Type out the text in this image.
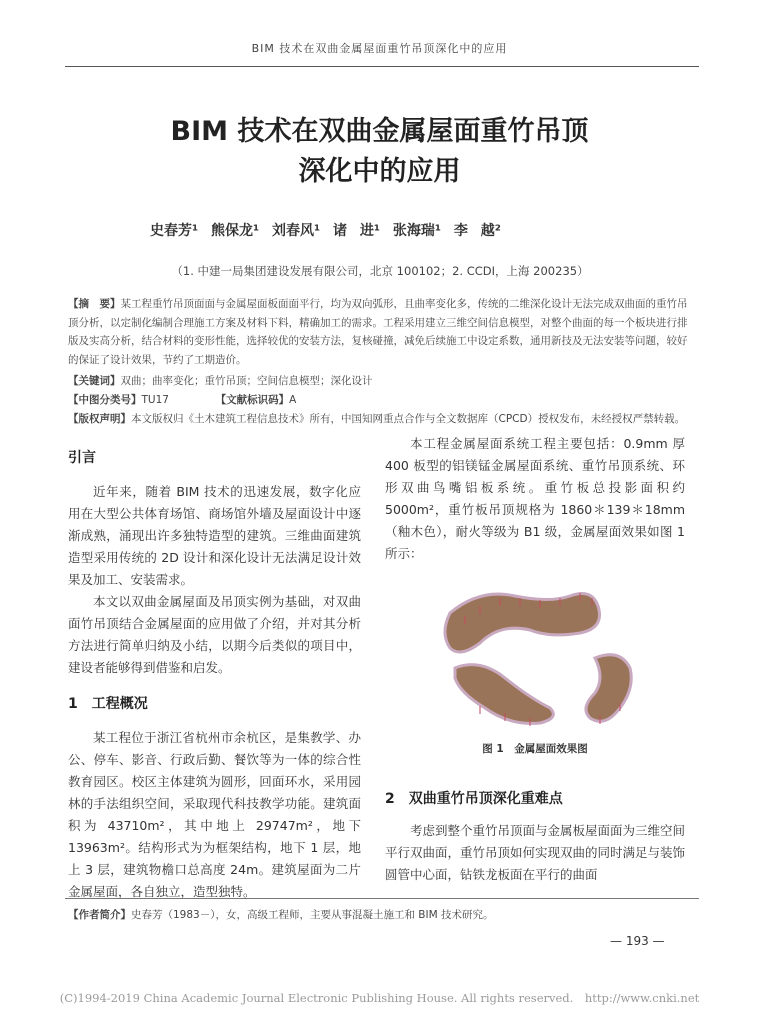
BIM 技术在双曲金属屋面重竹吊顶深化中的应用
BIM 技术在双曲金属屋面重竹吊顶
深化中的应用
史春芳¹ 熊保龙¹ 刘春风¹ 诸 进¹ 张海瑞¹ 李 越²
（1. 中建一局集团建设发展有限公司，北京 100102；2. CCDI，上海 200235）

【摘　要】某工程重竹吊顶面面与金属屋面板面面平行，均为双向弧形，且曲率变化多，传统的二维深化设计无法完成双曲面的重竹吊顶分析，以定制化编制合理施工方案及材料下料，精确加工的需求。工程采用建立三维空间信息模型，对整个曲面的每一个板块进行排版及实高分析，结合材料的变形性能，选择较优的安装方法，复核碰撞，减免后续施工中设定系数，通用新技及无法安装等问题，较好的保证了设计效果，节约了工期造价。

【关键词】双曲；曲率变化；重竹吊顶；空间信息模型；深化设计
【中图分类号】TU17	【文献标识码】A
【版权声明】本文版权归《土木建筑工程信息技术》所有，中国知网重点合作与全文数据库（CPCD）授权发布，未经授权严禁转载。
引言

近年来，随着 BIM 技术的迅速发展，数字化应用在大型公共体育场馆、商场馆外墙及屋面设计中逐渐成熟，涌现出许多独特造型的建筑。三维曲面建筑造型采用传统的 2D 设计和深化设计无法满足设计效果及加工、安装需求。

本文以双曲金属屋面及吊顶实例为基础，对双曲面竹吊顶结合金属屋面的应用做了介绍，并对其分析方法进行简单归纳及小结，以期今后类似的项目中，建设者能够得到借鉴和启发。

1　工程概况

某工程位于浙江省杭州市余杭区，是集教学、办公、停车、影音、行政后勤、餐饮等为一体的综合性教育园区。校区主体建筑为圆形，回面环水，采用园林的手法组织空间，采取现代科技教学功能。建筑面积为 43710m²，其中地上 29747m²，地下 13963m²。结构形式为为框架结构，地下 1 层，地上 3 层，建筑物檐口总高度 24m。建筑屋面为二片金属屋面，各自独立，造型独特。

本工程金属屋面系统工程主要包括：0.9mm 厚 400 板型的铝镁锰金属屋面系统、重竹吊顶系统、环形双曲鸟嘴铝板系统。重竹板总投影面积约 5000m²，重竹板吊顶规格为 1860＊139＊18mm（釉木色），耐火等级为 B1 级，金属屋面效果如图 1 所示：

图 1　金属屋面效果图
2　双曲重竹吊顶深化重难点

考虑到整个重竹吊顶面与金属板屋面面为三维空间平行双曲面，重竹吊顶如何实现双曲的同时满足与装饰圆管中心面，钻铁龙板面在平行的曲面

【作者简介】史春芳（1983－），女，高级工程师，主要从事混凝土施工和 BIM 技术研究。
— 193 —
(C)1994-2019 China Academic Journal Electronic Publishing House. All rights reserved.　http://www.cnki.net
